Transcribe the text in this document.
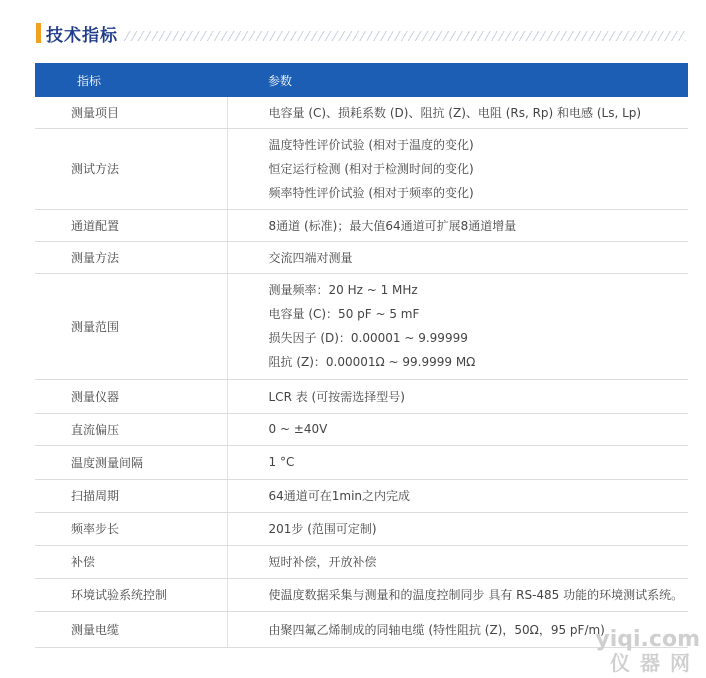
技术指标
指标	参数
测量项目	电容量 (C)、损耗系数 (D)、阻抗 (Z)、电阻 (Rs, Rp) 和电感 (Ls, Lp)

测试方法	温度特性评价试验 (相对于温度的变化)
恒定运行检测 (相对于检测时间的变化)
频率特性评价试验 (相对于频率的变化)

通道配置	8通道 (标准)；最大值64通道可扩展8通道增量

测量方法	交流四端对测量

测量范围	测量频率：20 Hz ~ 1 MHz
电容量 (C)：50 pF ~ 5 mF
损失因子 (D)：0.00001 ~ 9.99999
阻抗 (Z)：0.00001Ω ~ 99.9999 MΩ

测量仪器	LCR 表 (可按需选择型号)

直流偏压	0 ~ ±40V

温度测量间隔	1 °C

扫描周期	64通道可在1min之内完成

频率步长	201步 (范围可定制)

补偿	短时补偿，开放补偿

环境试验系统控制	使温度数据采集与测量和的温度控制同步 具有 RS-485 功能的环境测试系统。

测量电缆	由聚四氟乙烯制成的同轴电缆 (特性阻抗 (Z)，50Ω，95 pF/m)
yiqi.com
仪器网
